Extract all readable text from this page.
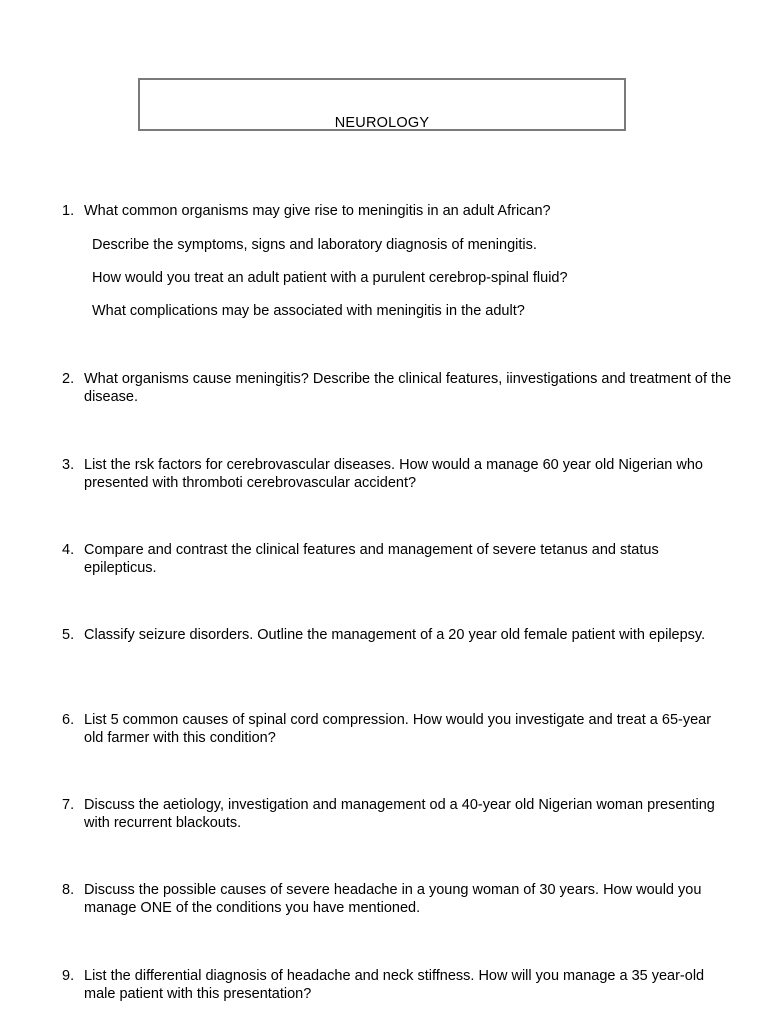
NEUROLOGY
1. What common organisms may give rise to meningitis in an adult African?
Describe the symptoms, signs and laboratory diagnosis of meningitis.
How would you treat an adult patient with a purulent cerebrop-spinal fluid?
What complications may be associated with meningitis in the adult?
2. What organisms cause meningitis? Describe the clinical features, iinvestigations and treatment of the disease.
3. List the rsk factors for cerebrovascular diseases. How would a manage 60 year old Nigerian who presented with thromboti cerebrovascular accident?
4. Compare and contrast the clinical features and management of severe tetanus and status epilepticus.
5. Classify seizure disorders. Outline the management of a 20 year old female patient with epilepsy.
6. List 5 common causes of spinal cord compression. How would you investigate and treat a 65-year old farmer with this condition?
7. Discuss the aetiology, investigation and management od a 40-year old Nigerian woman presenting with recurrent blackouts.
8. Discuss the possible causes of severe headache in a young woman of 30 years. How would you manage ONE of the conditions you have mentioned.
9. List the differential diagnosis of headache and neck stiffness. How will you manage a 35 year-old male patient with this presentation?
